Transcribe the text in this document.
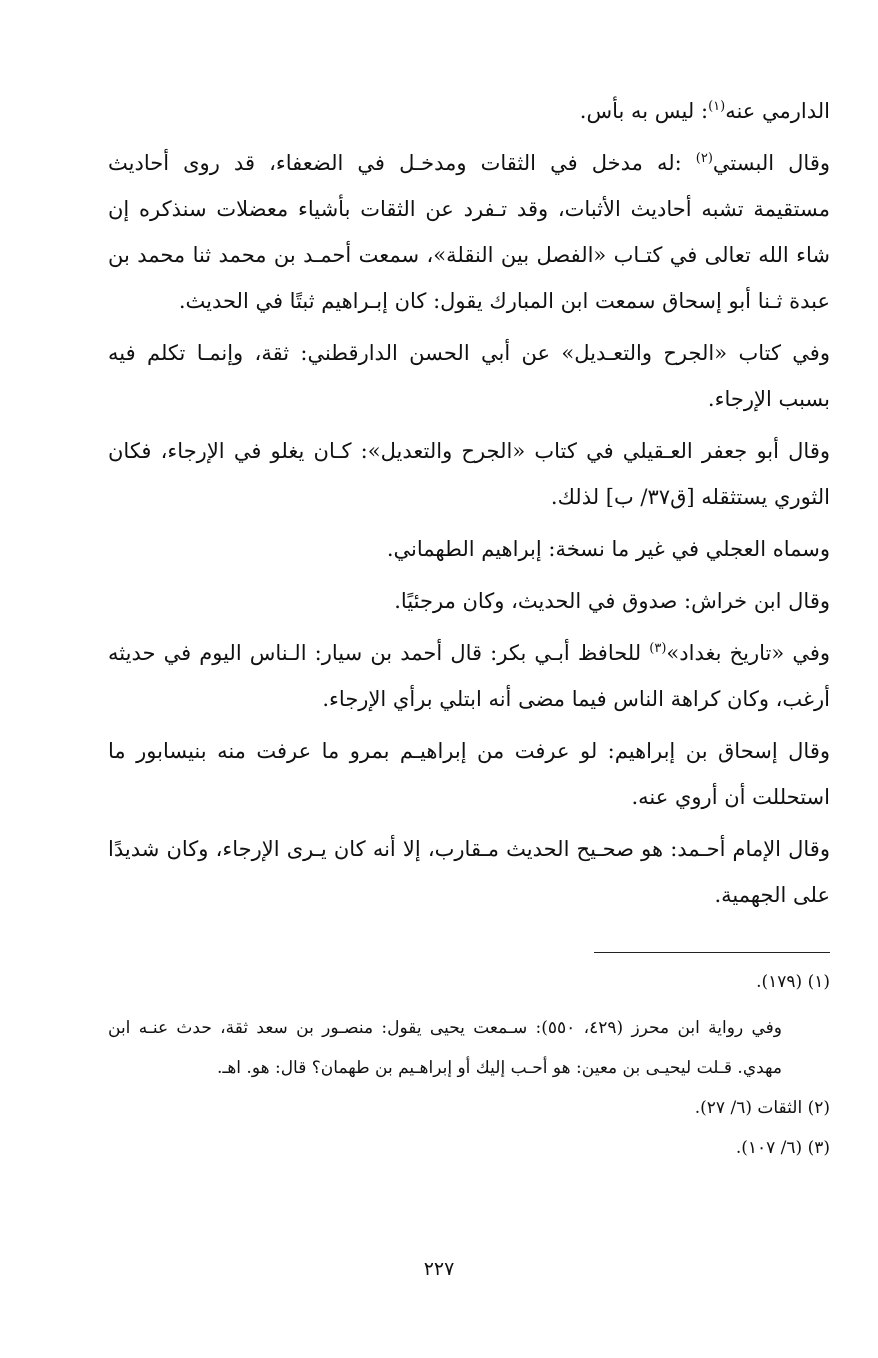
الدارمي عنه$^{(١)}$: ليس به بأس.

وقال البستي$^{(٢)}$ :له مدخل في الثقات ومدخـل في الضعفاء، قد روى أحاديث مستقيمة تشبه أحاديث الأثبات، وقد تـفرد عن الثقات بأشياء معضلات سنذكره إن شاء الله تعالى في كتـاب «الفصل بين النقلة»، سمعت أحمـد بن محمد ثنا محمد بن عبدة ثـنا أبو إسحاق سمعت ابن المبارك يقول: كان إبـراهيم ثبتًا في الحديث.

وفي كتاب «الجرح والتعـديل» عن أبي الحسن الدارقطني: ثقة، وإنمـا تكلم فيه بسبب الإرجاء.

وقال أبو جعفر العـقيلي في كتاب «الجرح والتعديل»: كـان يغلو في الإرجاء، فكان الثوري يستثقله [ق٣٧/ ب] لذلك.

وسماه العجلي في غير ما نسخة: إبراهيم الطهماني.

وقال ابن خراش: صدوق في الحديث، وكان مرجئيًا.

وفي «تاريخ بغداد»$^{(٣)}$ للحافظ أبـي بكر: قال أحمد بن سيار: الـناس اليوم في حديثه أرغب، وكان كراهة الناس فيما مضى أنه ابتلي برأي الإرجاء.

وقال إسحاق بن إبراهيم: لو عرفت من إبراهيـم بمرو ما عرفت منه بنيسابور ما استحللت أن أروي عنه.

وقال الإمام أحـمد: هو صحـيح الحديث مـقارب، إلا أنه كان يـرى الإرجاء، وكان شديدًا على الجهمية.

(١) (١٧٩).

وفي رواية ابن محرز (٤٢٩، ٥٥٠): سـمعت يحيى يقول: منصـور بن سعد ثقة، حدث عنـه ابن مهدي. قـلت ليحيـى بن معين: هو أحـب إليك أو إبراهـيم بن طهمان؟ قال: هو. اهـ.

(٢) الثقات (٦/ ٢٧).

(٣) (٦/ ١٠٧).

٢٢٧
